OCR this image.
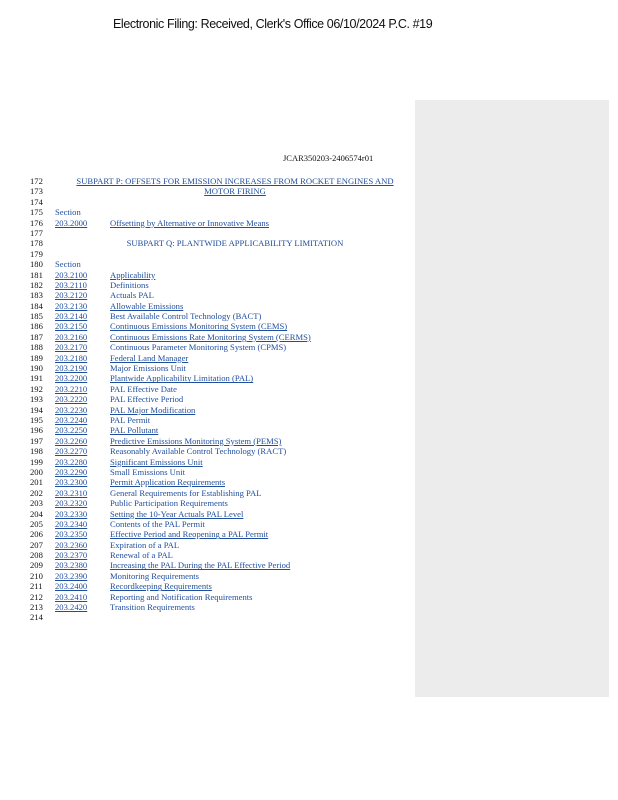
Electronic Filing: Received, Clerk's Office 06/10/2024 P.C. #19
JCAR350203-2406574r01
172	SUBPART P: OFFSETS FOR EMISSION INCREASES FROM ROCKET ENGINES AND
173	MOTOR FIRING
174
175	Section
176	203.2000	Offsetting by Alternative or Innovative Means
177
178	SUBPART Q: PLANTWIDE APPLICABILITY LIMITATION
179
180	Section
181	203.2100	Applicability
182	203.2110	Definitions
183	203.2120	Actuals PAL
184	203.2130	Allowable Emissions
185	203.2140	Best Available Control Technology (BACT)
186	203.2150	Continuous Emissions Monitoring System (CEMS)
187	203.2160	Continuous Emissions Rate Monitoring System (CERMS)
188	203.2170	Continuous Parameter Monitoring System (CPMS)
189	203.2180	Federal Land Manager
190	203.2190	Major Emissions Unit
191	203.2200	Plantwide Applicability Limitation (PAL)
192	203.2210	PAL Effective Date
193	203.2220	PAL Effective Period
194	203.2230	PAL Major Modification
195	203.2240	PAL Permit
196	203.2250	PAL Pollutant
197	203.2260	Predictive Emissions Monitoring System (PEMS)
198	203.2270	Reasonably Available Control Technology (RACT)
199	203.2280	Significant Emissions Unit
200	203.2290	Small Emissions Unit
201	203.2300	Permit Application Requirements
202	203.2310	General Requirements for Establishing PAL
203	203.2320	Public Participation Requirements
204	203.2330	Setting the 10-Year Actuals PAL Level
205	203.2340	Contents of the PAL Permit
206	203.2350	Effective Period and Reopening a PAL Permit
207	203.2360	Expiration of a PAL
208	203.2370	Renewal of a PAL
209	203.2380	Increasing the PAL During the PAL Effective Period
210	203.2390	Monitoring Requirements
211	203.2400	Recordkeeping Requirements
212	203.2410	Reporting and Notification Requirements
213	203.2420	Transition Requirements
214
